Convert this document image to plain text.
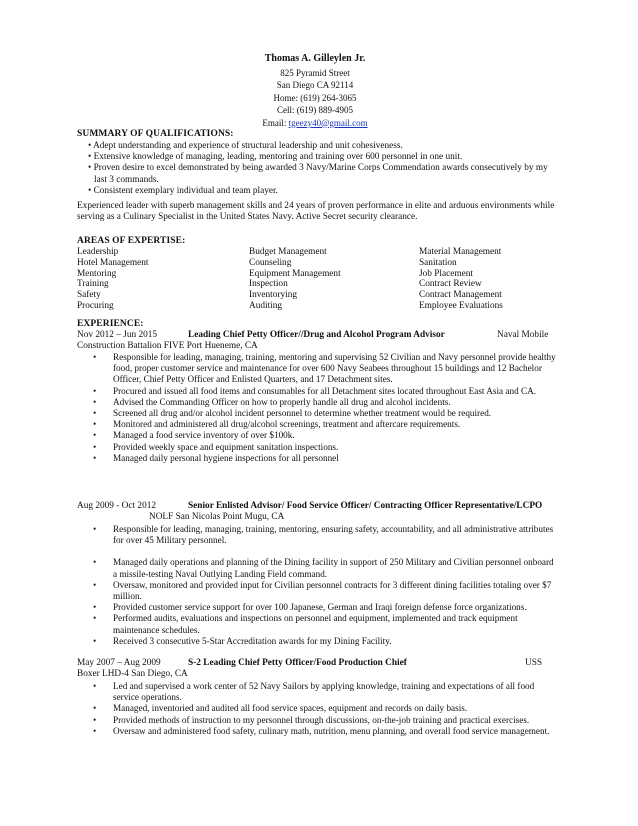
Thomas A. Gilleylen Jr.
825 Pyramid Street
San Diego CA 92114
Home: (619) 264-3065
Cell: (619) 889-4905
Email: tgeezy40@gmail.com
SUMMARY OF QUALIFICATIONS:
• Adept understanding and experience of structural leadership and unit cohesiveness.
• Extensive knowledge of managing, leading, mentoring and training over 600 personnel in one unit.
• Proven desire to excel demonstrated by being awarded 3 Navy/Marine Corps Commendation awards consecutively by my last 3 commands.
• Consistent exemplary individual and team player.
Experienced leader with superb management skills and 24 years of proven performance in elite and arduous environments while serving as a Culinary Specialist in the United States Navy. Active Secret security clearance.
AREAS OF EXPERTISE:
Leadership	Budget Management	Material Management
Hotel Management	Counseling	Sanitation
Mentoring	Equipment Management	Job Placement
Training	Inspection	Contract Review
Safety	Inventorying	Contract Management
Procuring	Auditing	Employee Evaluations
EXPERIENCE:
Nov 2012 – Jun 2015	Leading Chief Petty Officer//Drug and Alcohol Program Advisor	Naval Mobile
Construction Battalion FIVE Port Hueneme, CA
• Responsible for leading, managing, training, mentoring and supervising 52 Civilian and Navy personnel provide healthy food, proper customer service and maintenance for over 600 Navy Seabees throughout 15 buildings and 12 Bachelor Officer, Chief Petty Officer and Enlisted Quarters, and 17 Detachment sites.
• Procured and issued all food items and consumables for all Detachment sites located throughout East Asia and CA.
• Advised the Commanding Officer on how to properly handle all drug and alcohol incidents.
• Screened all drug and/or alcohol incident personnel to determine whether treatment would be required.
• Monitored and administered all drug/alcohol screenings, treatment and aftercare requirements.
• Managed a food service inventory of over $100k.
• Provided weekly space and equipment sanitation inspections.
• Managed daily personal hygiene inspections for all personnel
Aug 2009 - Oct 2012	Senior Enlisted Advisor/ Food Service Officer/ Contracting Officer Representative/LCPO
NOLF San Nicolas Point Mugu, CA
• Responsible for leading, managing, training, mentoring, ensuring safety, accountability, and all administrative attributes for over 45 Military personnel.
• Managed daily operations and planning of the Dining facility in support of 250 Military and Civilian personnel onboard a missile-testing Naval Outlying Landing Field command.
• Oversaw, monitored and provided input for Civilian personnel contracts for 3 different dining facilities totaling over $7 million.
• Provided customer service support for over 100 Japanese, German and Iraqi foreign defense force organizations.
• Performed audits, evaluations and inspections on personnel and equipment, implemented and track equipment maintenance schedules.
• Received 3 consecutive 5-Star Accreditation awards for my Dining Facility.
May 2007 – Aug 2009	S-2 Leading Chief Petty Officer/Food Production Chief	USS
Boxer LHD-4 San Diego, CA
• Led and supervised a work center of 52 Navy Sailors by applying knowledge, training and expectations of all food service operations.
• Managed, inventoried and audited all food service spaces, equipment and records on daily basis.
• Provided methods of instruction to my personnel through discussions, on-the-job training and practical exercises.
• Oversaw and administered food safety, culinary math, nutrition, menu planning, and overall food service management.
